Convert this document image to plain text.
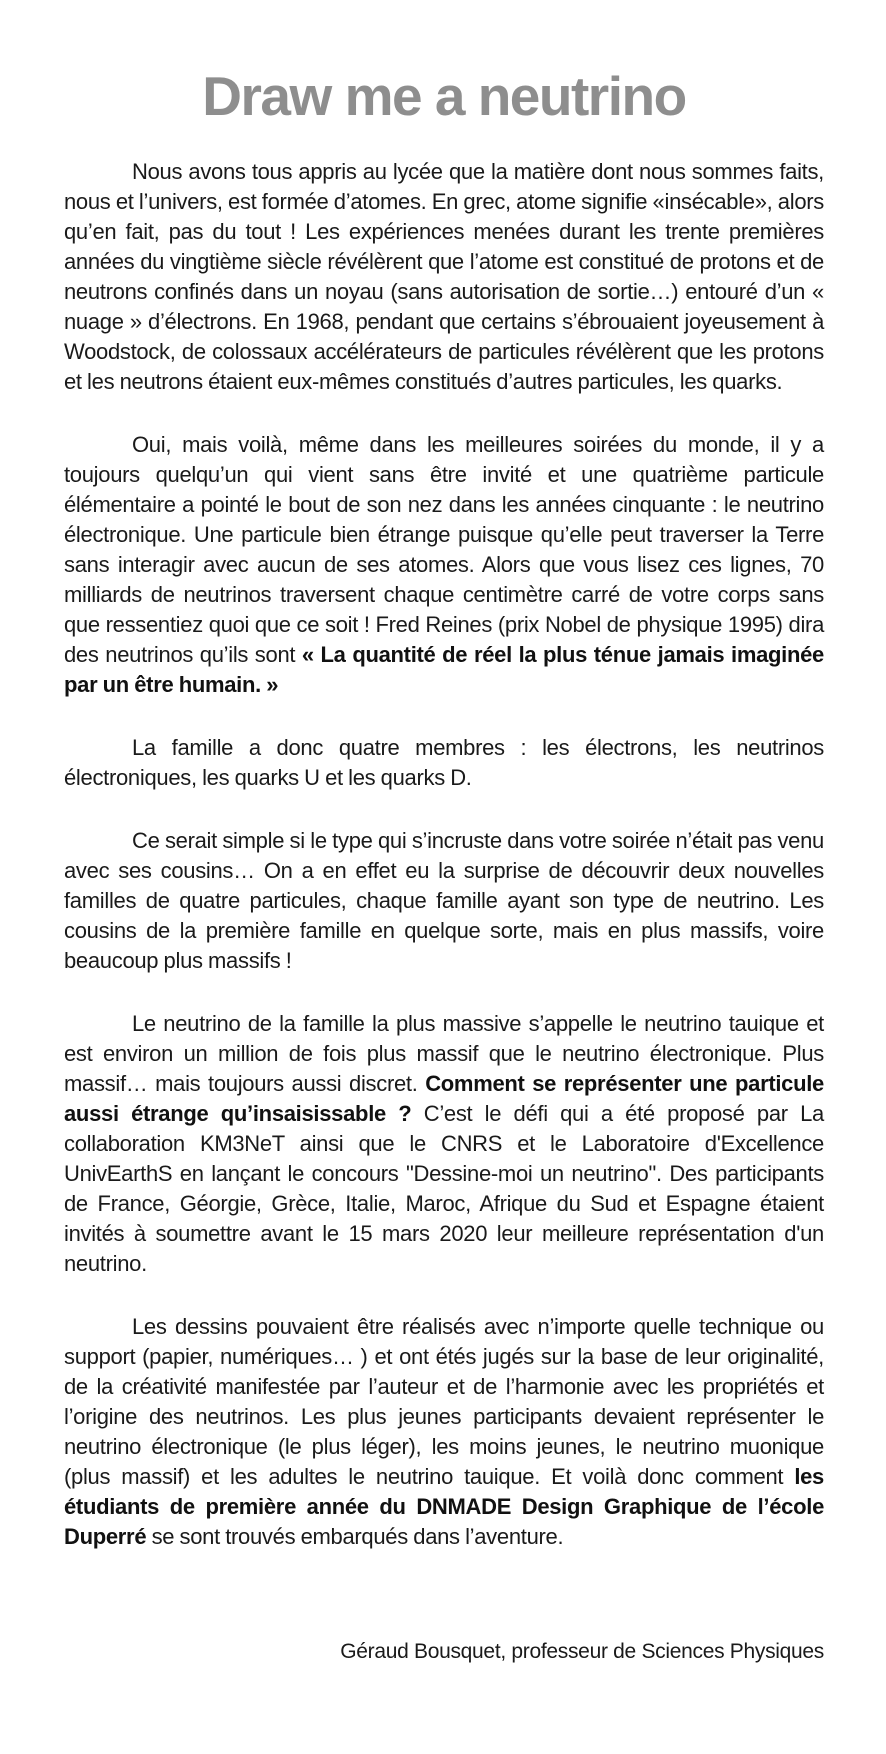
Draw me a neutrino

Nous avons tous appris au lycée que la matière dont nous sommes faits, nous et l’univers, est formée d’atomes. En grec, atome signifie «insécable», alors qu’en fait, pas du tout ! Les expériences menées durant les trente premières années du vingtième siècle révélèrent que l’atome est constitué de protons et de neutrons confinés dans un noyau (sans autorisation de sortie…) entouré d’un « nuage » d’électrons. En 1968, pendant que certains s’ébrouaient joyeusement à Woodstock, de colossaux accélérateurs de particules révélèrent que les protons et les neutrons étaient eux-mêmes constitués d’autres particules, les quarks.

Oui, mais voilà, même dans les meilleures soirées du monde, il y a toujours quelqu’un qui vient sans être invité et une quatrième particule élémentaire a pointé le bout de son nez dans les années cinquante : le neutrino électronique. Une particule bien étrange puisque qu’elle peut traverser la Terre sans interagir avec aucun de ses atomes. Alors que vous lisez ces lignes, 70 milliards de neutrinos traversent chaque centimètre carré de votre corps sans que ressentiez quoi que ce soit ! Fred Reines (prix Nobel de physique 1995) dira des neutrinos qu’ils sont « La quantité de réel la plus ténue jamais imaginée par un être humain. »

La famille a donc quatre membres : les électrons, les neutrinos électroniques, les quarks U et les quarks D.

Ce serait simple si le type qui s’incruste dans votre soirée n’était pas venu avec ses cousins… On a en effet eu la surprise de découvrir deux nouvelles familles de quatre particules, chaque famille ayant son type de neutrino. Les cousins de la première famille en quelque sorte, mais en plus massifs, voire beaucoup plus massifs !

Le neutrino de la famille la plus massive s’appelle le neutrino tauique et est environ un million de fois plus massif que le neutrino électronique. Plus massif… mais toujours aussi discret. Comment se représenter une particule aussi étrange qu’insaisissable ? C’est le défi qui a été proposé par La collaboration KM3NeT ainsi que le CNRS et le Laboratoire d'Excellence UnivEarthS en lançant le concours "Dessine-moi un neutrino". Des participants de France, Géorgie, Grèce, Italie, Maroc, Afrique du Sud et Espagne étaient invités à soumettre avant le 15 mars 2020 leur meilleure représentation d'un neutrino.

Les dessins pouvaient être réalisés avec n’importe quelle technique ou support (papier, numériques… ) et ont étés jugés sur la base de leur originalité, de la créativité manifestée par l’auteur et de l’harmonie avec les propriétés et l’origine des neutrinos. Les plus jeunes participants devaient représenter le neutrino électronique (le plus léger), les moins jeunes, le neutrino muonique (plus massif) et les adultes le neutrino tauique. Et voilà donc comment les étudiants de première année du DNMADE Design Graphique de l’école Duperré se sont trouvés embarqués dans l’aventure.

Géraud Bousquet, professeur de Sciences Physiques
